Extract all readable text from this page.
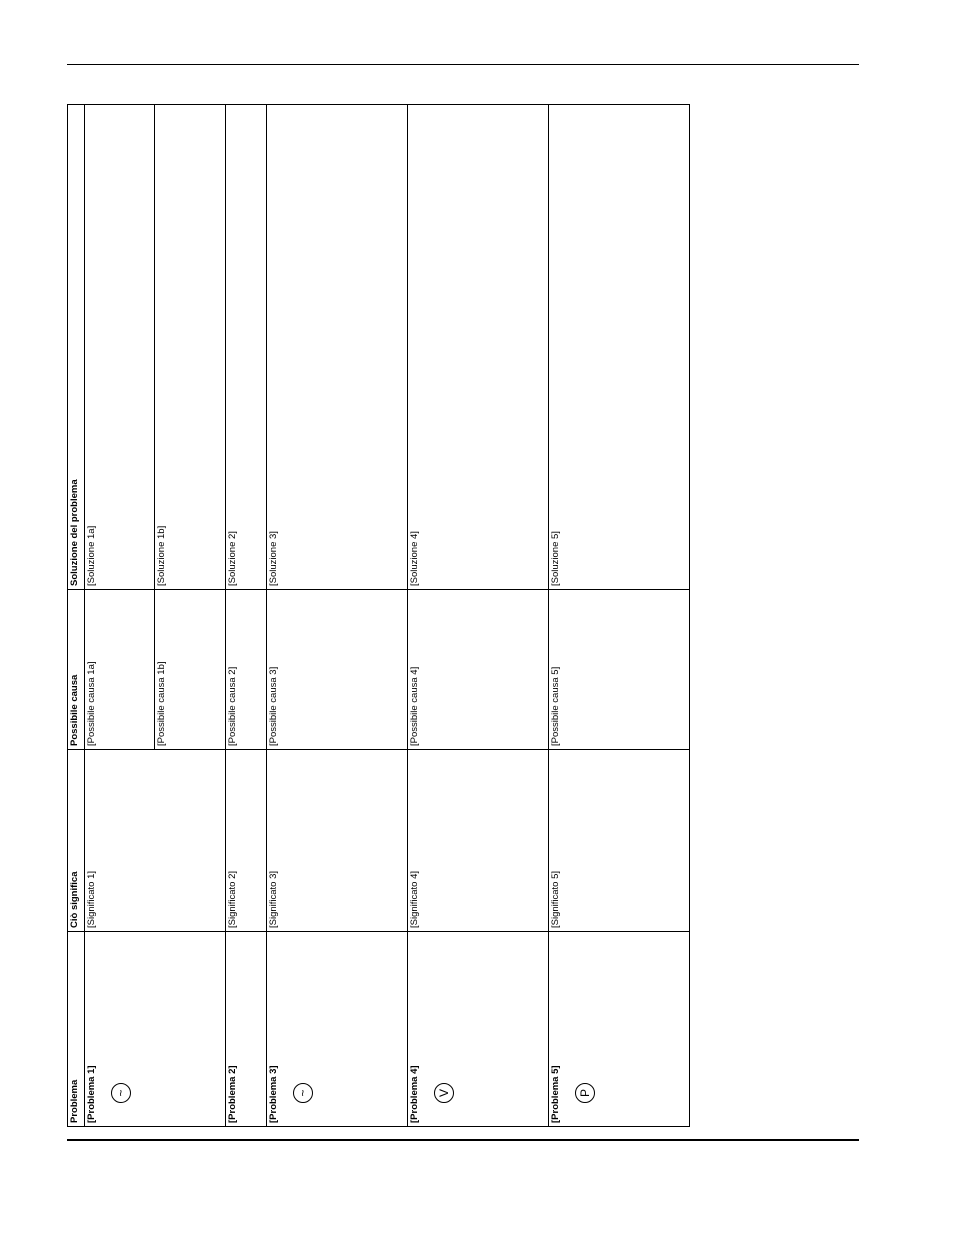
Problema	Ciò significa	Possibile causa	Soluzione del problema
[Problema 1] ~	[Significato 1]	[Possibile causa 1a]	[Soluzione 1a]
		[Possibile causa 1b]	[Soluzione 1b]
[Problema 2]	[Significato 2]	[Possibile causa 2]	[Soluzione 2]
[Problema 3] ~	[Significato 3]	[Possibile causa 3]	[Soluzione 3]
[Problema 4] V	[Significato 4]	[Possibile causa 4]	[Soluzione 4]
[Problema 5] P	[Significato 5]	[Possibile causa 5]	[Soluzione 5]
